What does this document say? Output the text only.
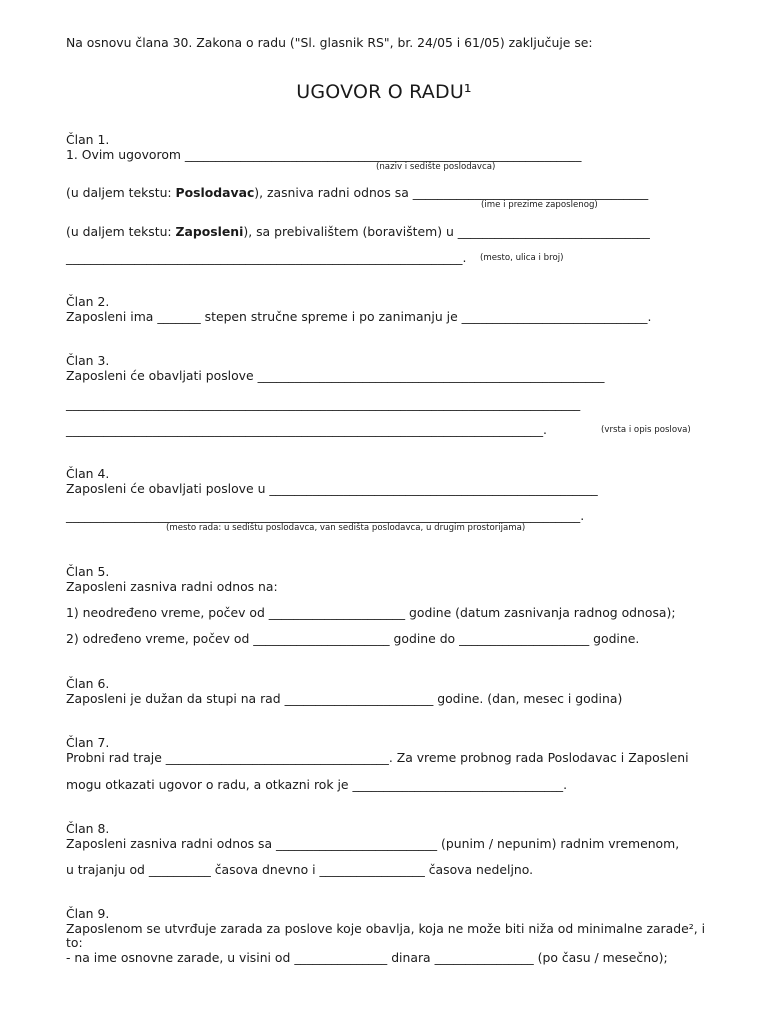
Na osnovu člana 30. Zakona o radu ("Sl. glasnik RS", br. 24/05 i 61/05) zaključuje se:
UGOVOR O RADU¹
Član 1.
1. Ovim ugovorom ________________________________________________________________
(naziv i sedište poslodavca)
(u daljem tekstu: Poslodavac), zasniva radni odnos sa ______________________________________
(ime i prezime zaposlenog)
(u daljem tekstu: Zaposleni), sa prebivalištem (boravištem) u _______________________________
________________________________________________________________. (mesto, ulica i broj)
Član 2.
Zaposleni ima _______ stepen stručne spreme i po zanimanju je ______________________________.
Član 3.
Zaposleni će obavljati poslove ________________________________________________________
___________________________________________________________________________________
_____________________________________________________________________________.	(vrsta i opis poslova)
Član 4.
Zaposleni će obavljati poslove u _____________________________________________________
___________________________________________________________________________________.
(mesto rada: u sedištu poslodavca, van sedišta poslodavca, u drugim prostorijama)
Član 5.
Zaposleni zasniva radni odnos na:
1) neodređeno vreme, počev od ______________________ godine (datum zasnivanja radnog odnosa);
2) određeno vreme, počev od ______________________ godine do _____________________ godine.
Član 6.
Zaposleni je dužan da stupi na rad ________________________ godine. (dan, mesec i godina)
Član 7.
Probni rad traje ____________________________________. Za vreme probnog rada Poslodavac i Zaposleni
mogu otkazati ugovor o radu, a otkazni rok je __________________________________.
Član 8.
Zaposleni zasniva radni odnos sa __________________________ (punim / nepunim) radnim vremenom,
u trajanju od __________ časova dnevno i _________________ časova nedeljno.
Član 9.
Zaposlenom se utvrđuje zarada za poslove koje obavlja, koja ne može biti niža od minimalne zarade², i
to:
- na ime osnovne zarade, u visini od _______________ dinara ________________ (po času / mesečno);
